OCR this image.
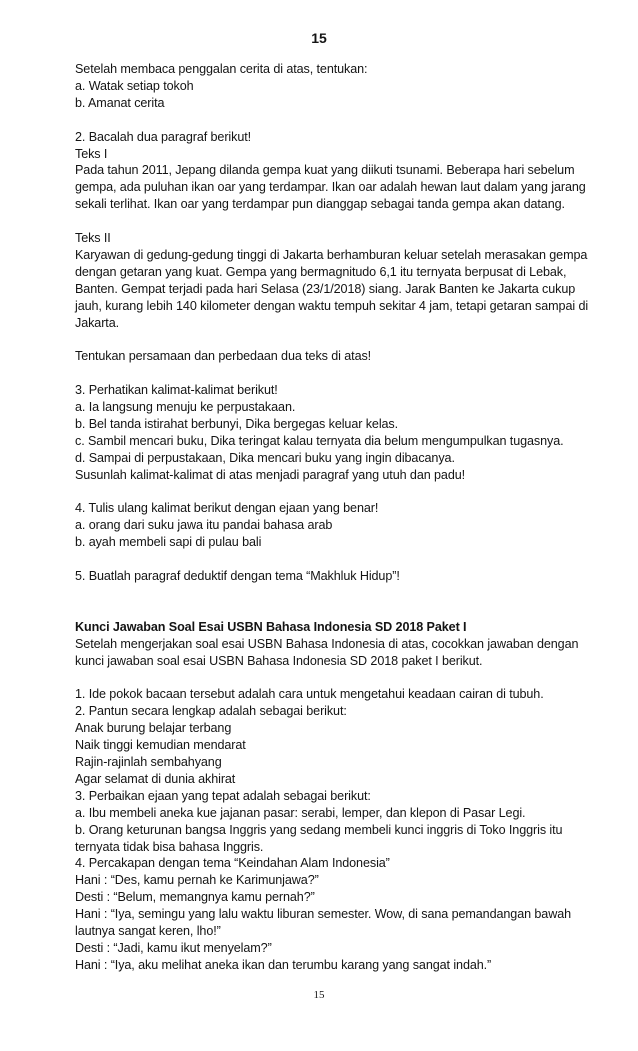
15
Setelah membaca penggalan cerita di atas, tentukan:
a. Watak setiap tokoh
b. Amanat cerita
2. Bacalah dua paragraf berikut!
Teks I
Pada tahun 2011, Jepang dilanda gempa kuat yang diikuti tsunami. Beberapa hari sebelum
gempa, ada puluhan ikan oar yang terdampar. Ikan oar adalah hewan laut dalam yang jarang
sekali terlihat. Ikan oar yang terdampar pun dianggap sebagai tanda gempa akan datang.
Teks II
Karyawan di gedung-gedung tinggi di Jakarta berhamburan keluar setelah merasakan gempa
dengan getaran yang kuat. Gempa yang bermagnitudo 6,1 itu ternyata berpusat di Lebak,
Banten. Gempat terjadi pada hari Selasa (23/1/2018) siang. Jarak Banten ke Jakarta cukup
jauh, kurang lebih 140 kilometer dengan waktu tempuh sekitar 4 jam, tetapi getaran sampai di
Jakarta.
Tentukan persamaan dan perbedaan dua teks di atas!
3. Perhatikan kalimat-kalimat berikut!
a. Ia langsung menuju ke perpustakaan.
b. Bel tanda istirahat berbunyi, Dika bergegas keluar kelas.
c. Sambil mencari buku, Dika teringat kalau ternyata dia belum mengumpulkan tugasnya.
d. Sampai di perpustakaan, Dika mencari buku yang ingin dibacanya.
Susunlah kalimat-kalimat di atas menjadi paragraf yang utuh dan padu!
4. Tulis ulang kalimat berikut dengan ejaan yang benar!
a. orang dari suku jawa itu pandai bahasa arab
b. ayah membeli sapi di pulau bali
5. Buatlah paragraf deduktif dengan tema “Makhluk Hidup”!
Kunci Jawaban Soal Esai USBN Bahasa Indonesia SD 2018 Paket I
Setelah mengerjakan soal esai USBN Bahasa Indonesia di atas, cocokkan jawaban dengan
kunci jawaban soal esai USBN Bahasa Indonesia SD 2018 paket I berikut.
1. Ide pokok bacaan tersebut adalah cara untuk mengetahui keadaan cairan di tubuh.
2. Pantun secara lengkap adalah sebagai berikut:
Anak burung belajar terbang
Naik tinggi kemudian mendarat
Rajin-rajinlah sembahyang
Agar selamat di dunia akhirat
3. Perbaikan ejaan yang tepat adalah sebagai berikut:
a. Ibu membeli aneka kue jajanan pasar: serabi, lemper, dan klepon di Pasar Legi.
b. Orang keturunan bangsa Inggris yang sedang membeli kunci inggris di Toko Inggris itu
ternyata tidak bisa bahasa Inggris.
4. Percakapan dengan tema “Keindahan Alam Indonesia”
Hani : “Des, kamu pernah ke Karimunjawa?”
Desti : “Belum, memangnya kamu pernah?”
Hani : “Iya, semingu yang lalu waktu liburan semester. Wow, di sana pemandangan bawah
lautnya sangat keren, lho!”
Desti : “Jadi, kamu ikut menyelam?”
Hani : “Iya, aku melihat aneka ikan dan terumbu karang yang sangat indah.”
15
